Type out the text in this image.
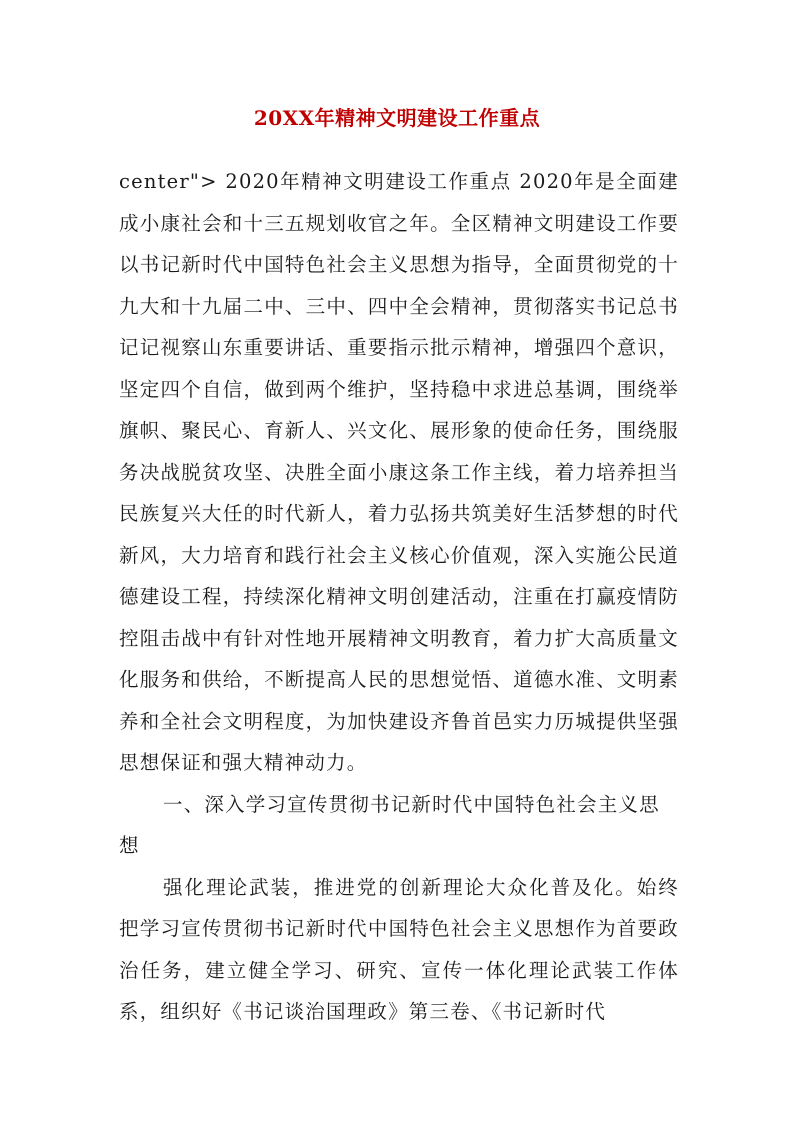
20XX年精神文明建设工作重点

center"> 2020年精神文明建设工作重点 2020年是全面建成小康社会和十三五规划收官之年。全区精神文明建设工作要以书记新时代中国特色社会主义思想为指导，全面贯彻党的十九大和十九届二中、三中、四中全会精神，贯彻落实书记总书记记视察山东重要讲话、重要指示批示精神，增强四个意识，坚定四个自信，做到两个维护，坚持稳中求进总基调，围绕举旗帜、聚民心、育新人、兴文化、展形象的使命任务，围绕服务决战脱贫攻坚、决胜全面小康这条工作主线，着力培养担当民族复兴大任的时代新人，着力弘扬共筑美好生活梦想的时代新风，大力培育和践行社会主义核心价值观，深入实施公民道德建设工程，持续深化精神文明创建活动，注重在打赢疫情防控阻击战中有针对性地开展精神文明教育，着力扩大高质量文化服务和供给，不断提高人民的思想觉悟、道德水准、文明素养和全社会文明程度，为加快建设齐鲁首邑实力历城提供坚强思想保证和强大精神动力。

一、深入学习宣传贯彻书记新时代中国特色社会主义思想

强化理论武装，推进党的创新理论大众化普及化。始终把学习宣传贯彻书记新时代中国特色社会主义思想作为首要政治任务，建立健全学习、研究、宣传一体化理论武装工作体系，组织好《书记谈治国理政》第三卷、《书记新时代
